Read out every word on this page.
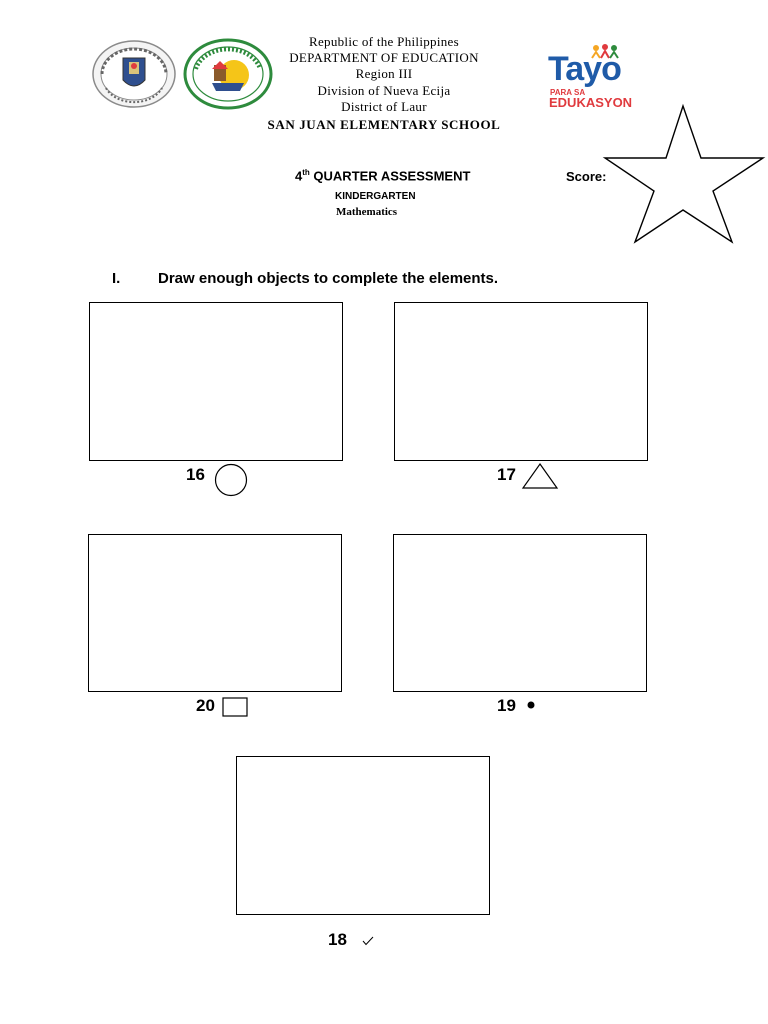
Tayo
PARA SA
EDUKASYON
Republic of the Philippines
DEPARTMENT OF EDUCATION
Region III
Division of Nueva Ecija
District of Laur
SAN JUAN ELEMENTARY SCHOOL
4th QUARTER ASSESSMENT
KINDERGARTEN
Mathematics
Score:
I.	Draw enough objects to complete the elements.
16	17
20	19
18
